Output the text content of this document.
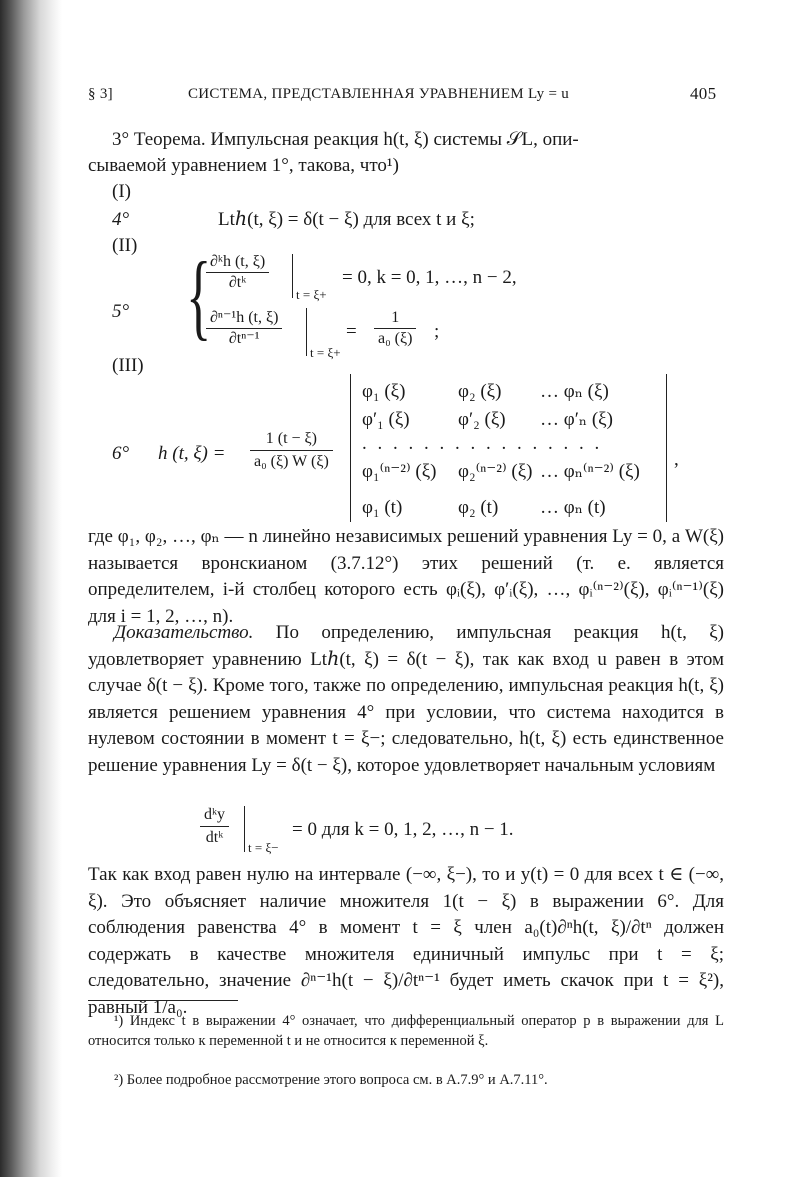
§ 3]	СИСТЕМА, ПРЕДСТАВЛЕННАЯ УРАВНЕНИЕМ Ly = u	405
3° Теорема. Импульсная реакция h(t, ξ) системы 𝒮L, опи-
сываемой уравнением 1°, такова, что¹)
(I)
4°	Ltℎ(t, ξ) = δ(t − ξ) для всех t и ξ;
(II)
5° {
$\frac{\text{∂ᵏh (t, ξ)}}{\text{∂tᵏ}}$
t = ξ+
= 0, k = 0, 1, …, n − 2,
$\frac{\text{∂ⁿ⁻¹h (t, ξ)}}{\text{∂tⁿ⁻¹}}$
t = ξ+
= $\frac{1}{\text{a₀ (ξ)}}$ ;
(III)
6° h (t, $\xi) = \frac{1 (t - \xi)}{\text{a₀ (ξ) W (ξ)}}$	,
φ₁ (ξ)	φ₂ (ξ) … φₙ (ξ)
φ′₁ (ξ)	φ′₂ (ξ) … φ′ₙ (ξ)
. . . . . . . . . . . . . . . .
φ₁⁽ⁿ⁻²⁾ (ξ) φ₂⁽ⁿ⁻²⁾ (ξ) … φₙ⁽ⁿ⁻²⁾ (ξ)
φ₁ (t)	φ₂ (t) … φₙ (t)
где φ₁, φ₂, …, φₙ — n линейно независимых решений уравнения Ly = 0, а W(ξ) называется вронскианом (3.7.12°) этих решений (т. е. является определителем, i-й столбец которого есть φᵢ(ξ), φ′ᵢ(ξ), …, φᵢ⁽ⁿ⁻²⁾(ξ), φᵢ⁽ⁿ⁻¹⁾(ξ) для i = 1, 2, …, n).
Доказательство. По определению, импульсная реакция h(t, ξ) удовлетворяет уравнению Ltℎ(t, ξ) = δ(t − ξ), так как вход u равен в этом случае δ(t − ξ). Кроме того, также по определению, импульсная реакция h(t, ξ) является решением уравнения 4° при условии, что система находится в нулевом состоянии в момент t = ξ−; следовательно, h(t, ξ) есть единственное решение уравнения Ly = δ(t − ξ), которое удовлетворяет начальным условиям
$\frac{\text{dᵏy}}{\text{dtᵏ}}$ t = ξ−
= 0 для k = 0, 1, 2, …, n − 1.
Так как вход равен нулю на интервале (−∞, ξ−), то и y(t) = 0 для всех t ∈ (−∞, ξ). Это объясняет наличие множителя 1(t − ξ) в выражении 6°. Для соблюдения равенства 4° в момент t = ξ член a₀(t)∂ⁿh(t, ξ)/∂tⁿ должен содержать в качестве множителя единичный импульс при t = ξ; следовательно, значение ∂ⁿ⁻¹h(t − ξ)/∂tⁿ⁻¹ будет иметь скачок при t = ξ²), равный 1/a₀.
¹) Индекс t в выражении 4° означает, что дифференциальный оператор p в выражении для L относится только к переменной t и не относится к переменной ξ.
²) Более подробное рассмотрение этого вопроса см. в А.7.9° и А.7.11°.
